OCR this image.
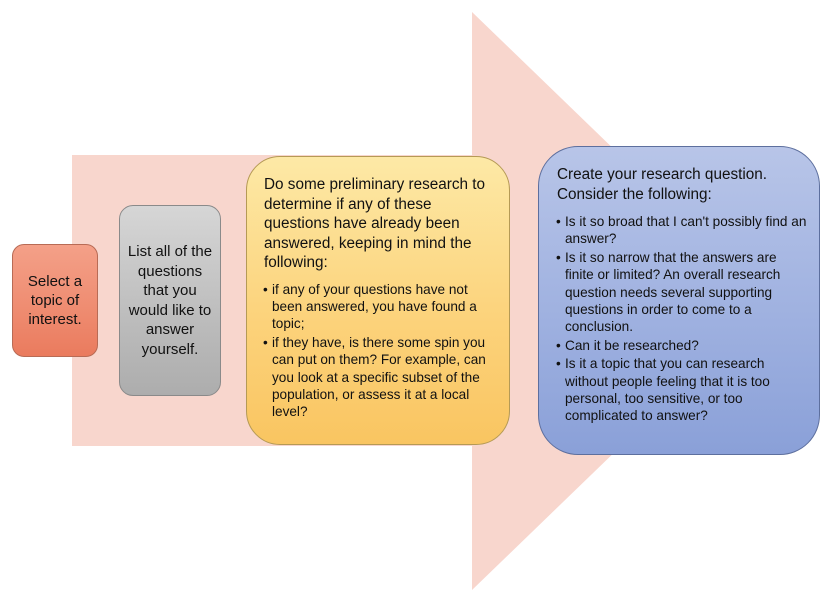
Select a topic of interest.
List all of the questions that you would like to answer yourself.

Do some preliminary research to determine if any of these questions have already been answered, keeping in mind the following:

• if any of your questions have not been answered, you have found a topic;
• if they have, is there some spin you can put on them? For example, can you look at a specific subset of the population, or assess it at a local level?

Create your research question. Consider the following:

• Is it so broad that I can't possibly find an answer?
• Is it so narrow that the answers are finite or limited? An overall research question needs several supporting questions in order to come to a conclusion.
• Can it be researched?
• Is it a topic that you can research without people feeling that it is too personal, too sensitive, or too complicated to answer?
